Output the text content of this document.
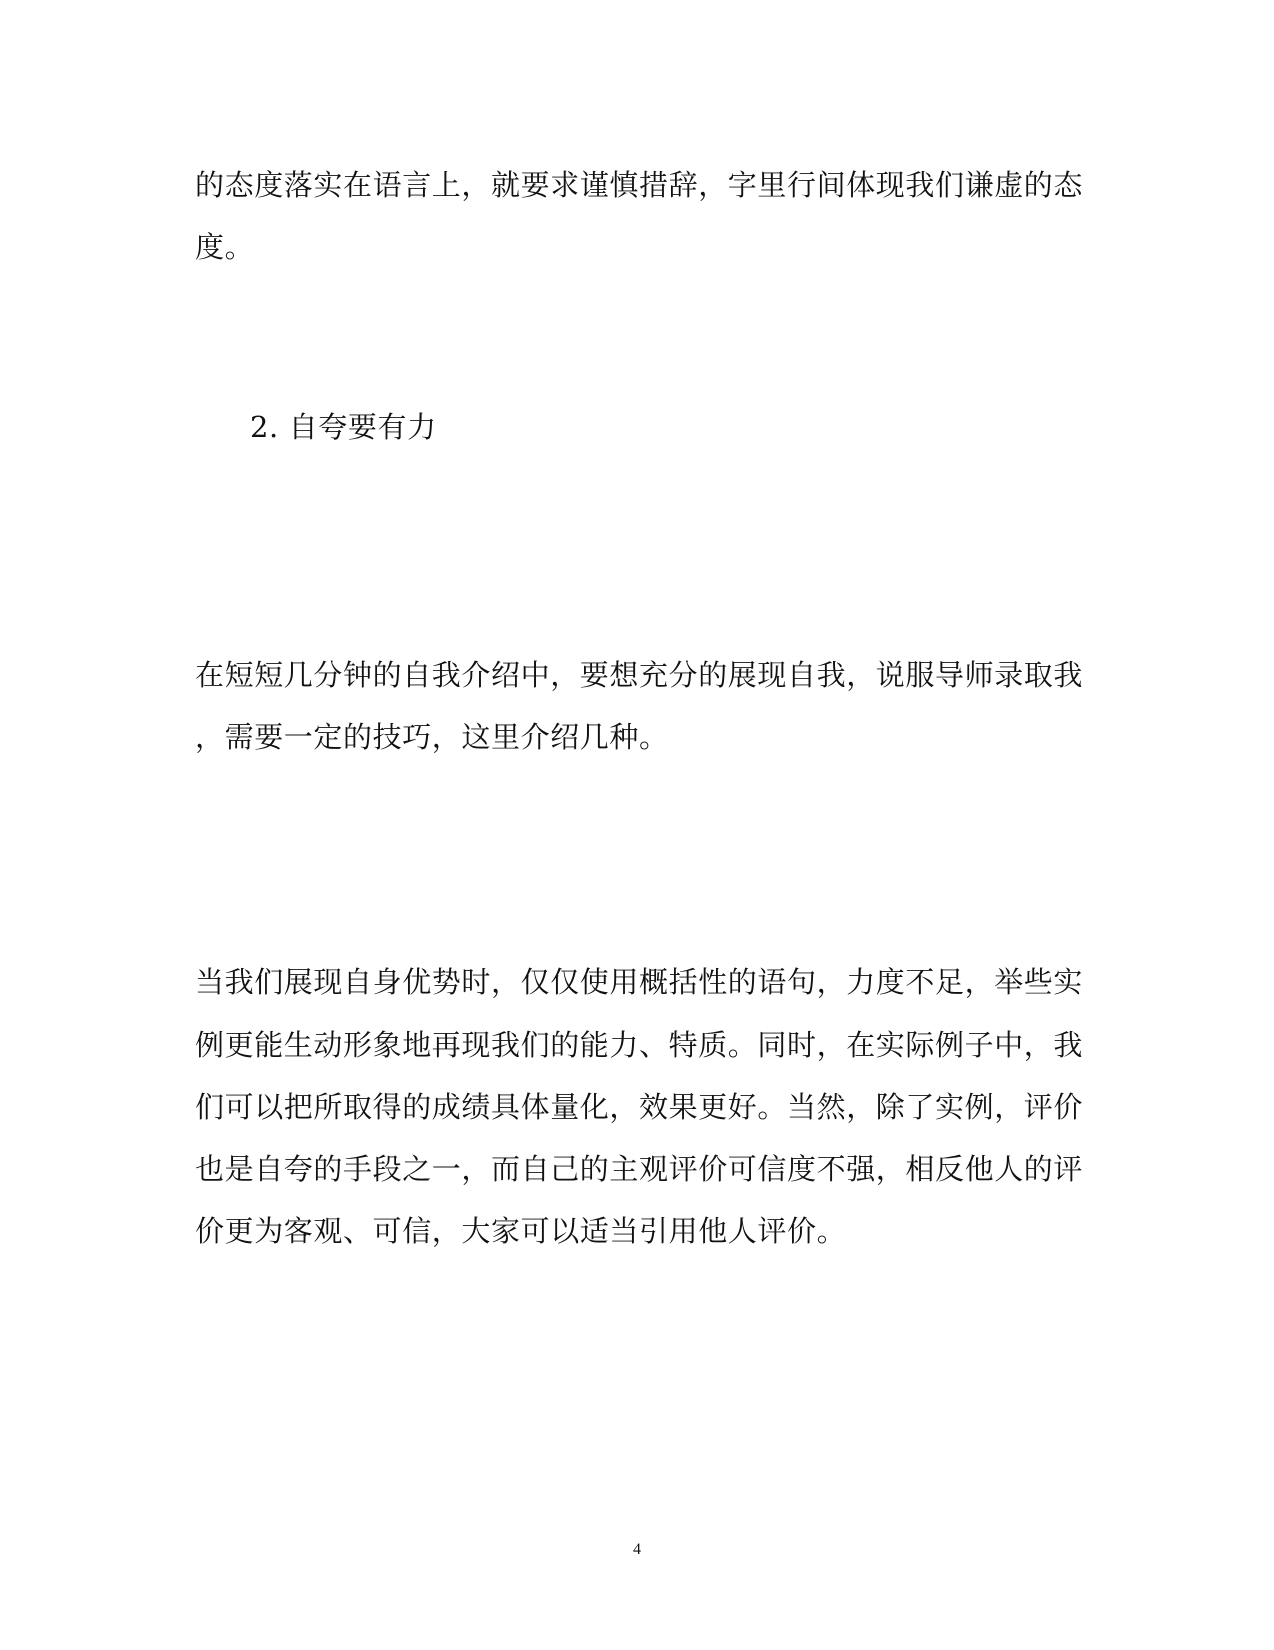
的态度落实在语言上，就要求谨慎措辞，字里行间体现我们谦虚的态
度。
2. 自夸要有力
在短短几分钟的自我介绍中，要想充分的展现自我，说服导师录取我
，需要一定的技巧，这里介绍几种。
当我们展现自身优势时，仅仅使用概括性的语句，力度不足，举些实
例更能生动形象地再现我们的能力、特质。同时，在实际例子中，我
们可以把所取得的成绩具体量化，效果更好。当然，除了实例，评价
也是自夸的手段之一，而自己的主观评价可信度不强，相反他人的评
价更为客观、可信，大家可以适当引用他人评价。
4
